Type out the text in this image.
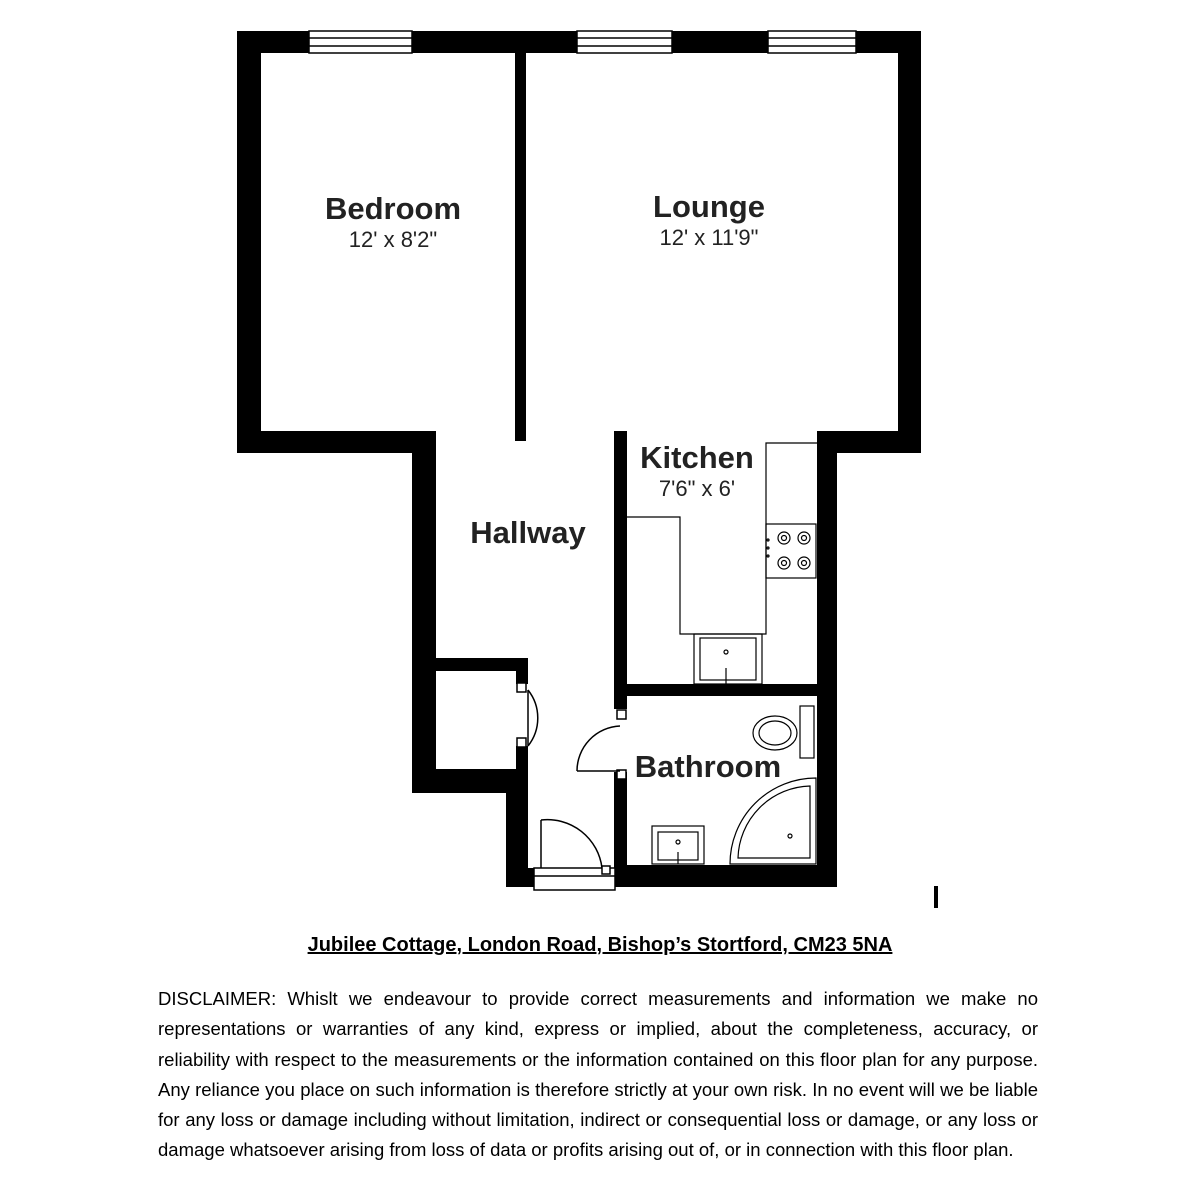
Bedroom
12' x 8'2"
Lounge
12' x 11'9"
Kitchen
7'6" x 6'
Hallway
Bathroom
Jubilee Cottage, London Road, Bishop’s Stortford, CM23 5NA
DISCLAIMER: Whislt we endeavour to provide correct measurements and information we make no representations or warranties of any kind, express or implied, about the completeness, accuracy, or reliability with respect to the measurements or the information contained on this floor plan for any purpose. Any reliance you place on such information is therefore strictly at your own risk. In no event will we be liable for any loss or damage including without limitation, indirect or consequential loss or damage, or any loss or damage whatsoever arising from loss of data or profits arising out of, or in connection with this floor plan.
